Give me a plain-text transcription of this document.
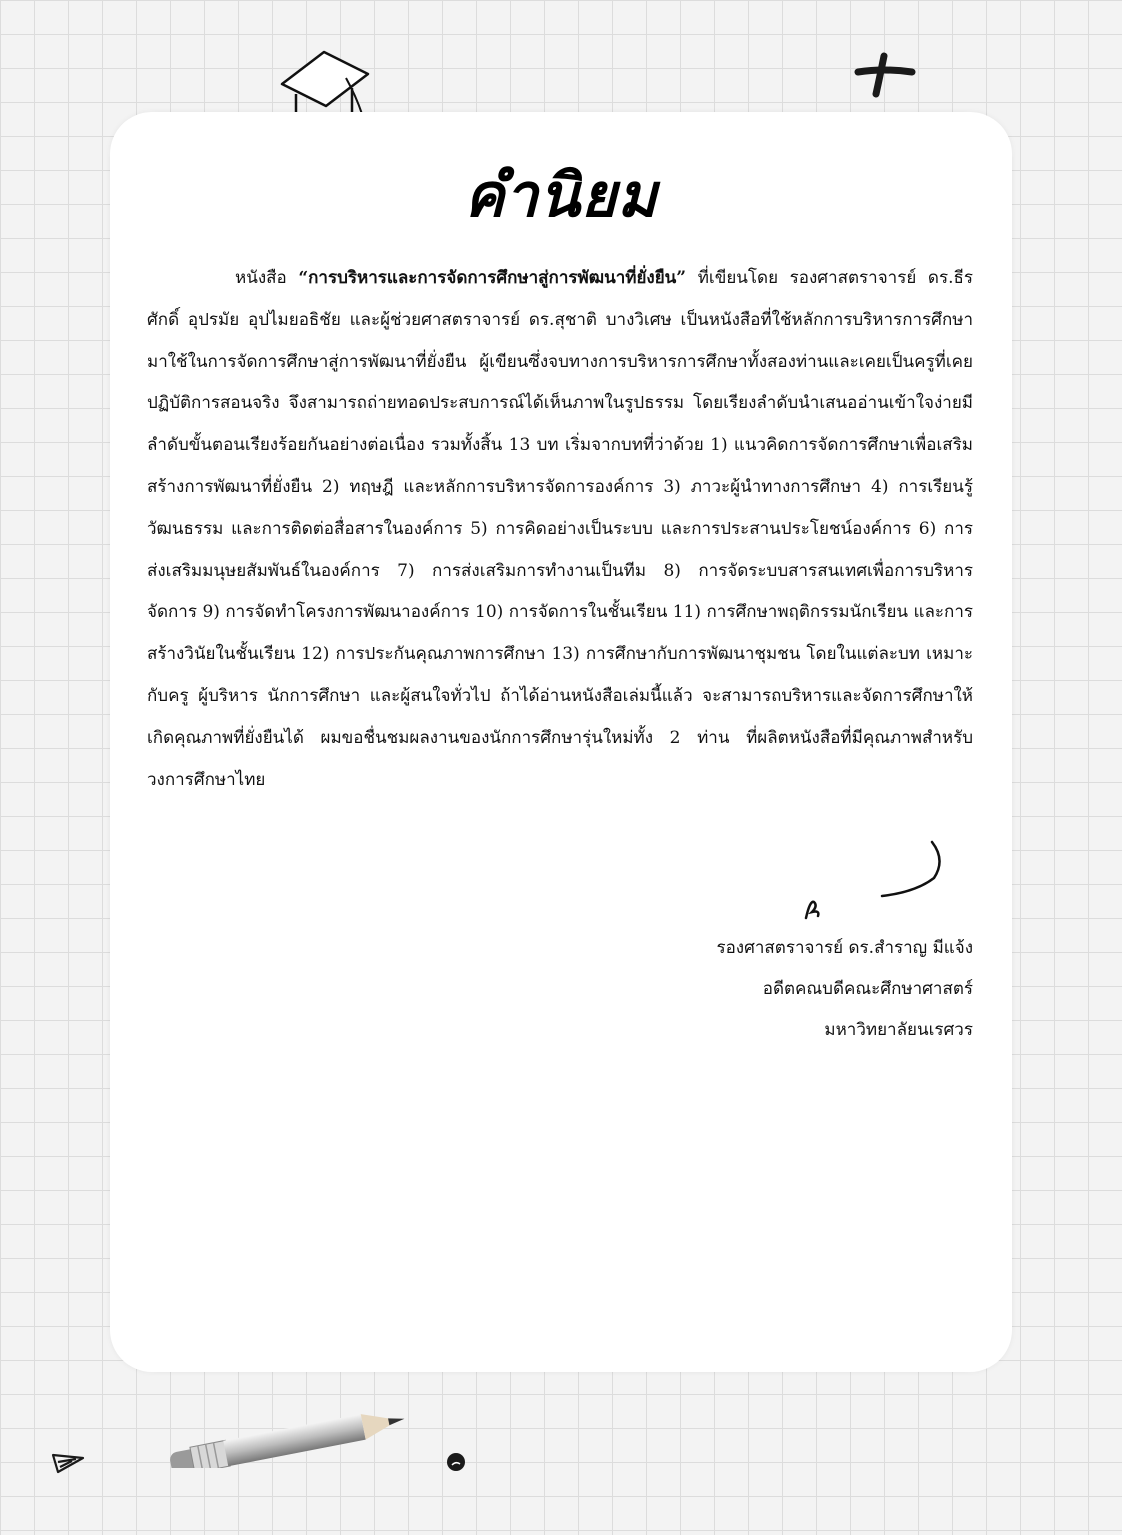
คำนิยม

หนังสือ “การบริหารและการจัดการศึกษาสู่การพัฒนาที่ยั่งยืน” ที่เขียนโดย รองศาสตราจารย์ ดร.ธีรศักดิ์ อุปรมัย อุปไมยอธิชัย และผู้ช่วยศาสตราจารย์ ดร.สุชาติ บางวิเศษ เป็นหนังสือที่ใช้หลักการบริหารการศึกษามาใช้ในการจัดการศึกษาสู่การพัฒนาที่ยั่งยืน ผู้เขียนซึ่งจบทางการบริหารการศึกษาทั้งสองท่านและเคยเป็นครูที่เคยปฏิบัติการสอนจริง จึงสามารถถ่ายทอดประสบการณ์ได้เห็นภาพในรูปธรรม โดยเรียงลำดับนำเสนออ่านเข้าใจง่ายมีลำดับขั้นตอนเรียงร้อยกันอย่างต่อเนื่อง รวมทั้งสิ้น 13 บท เริ่มจากบทที่ว่าด้วย 1) แนวคิดการจัดการศึกษาเพื่อเสริมสร้างการพัฒนาที่ยั่งยืน 2) ทฤษฎี และหลักการบริหารจัดการองค์การ 3) ภาวะผู้นำทางการศึกษา 4) การเรียนรู้วัฒนธรรม และการติดต่อสื่อสารในองค์การ 5) การคิดอย่างเป็นระบบ และการประสานประโยชน์องค์การ 6) การส่งเสริมมนุษยสัมพันธ์ในองค์การ 7) การส่งเสริมการทำงานเป็นทีม 8) การจัดระบบสารสนเทศเพื่อการบริหารจัดการ 9) การจัดทำโครงการพัฒนาองค์การ 10) การจัดการในชั้นเรียน 11) การศึกษาพฤติกรรมนักเรียน และการสร้างวินัยในชั้นเรียน 12) การประกันคุณภาพการศึกษา 13) การศึกษากับการพัฒนาชุมชน โดยในแต่ละบท เหมาะกับครู ผู้บริหาร นักการศึกษา และผู้สนใจทั่วไป ถ้าได้อ่านหนังสือเล่มนี้แล้ว จะสามารถบริหารและจัดการศึกษาให้เกิดคุณภาพที่ยั่งยืนได้ ผมขอชื่นชมผลงานของนักการศึกษารุ่นใหม่ทั้ง 2 ท่าน ที่ผลิตหนังสือที่มีคุณภาพสำหรับวงการศึกษาไทย

รองศาสตราจารย์ ดร.สำราญ มีแจ้ง
อดีตคณบดีคณะศึกษาศาสตร์
มหาวิทยาลัยนเรศวร
